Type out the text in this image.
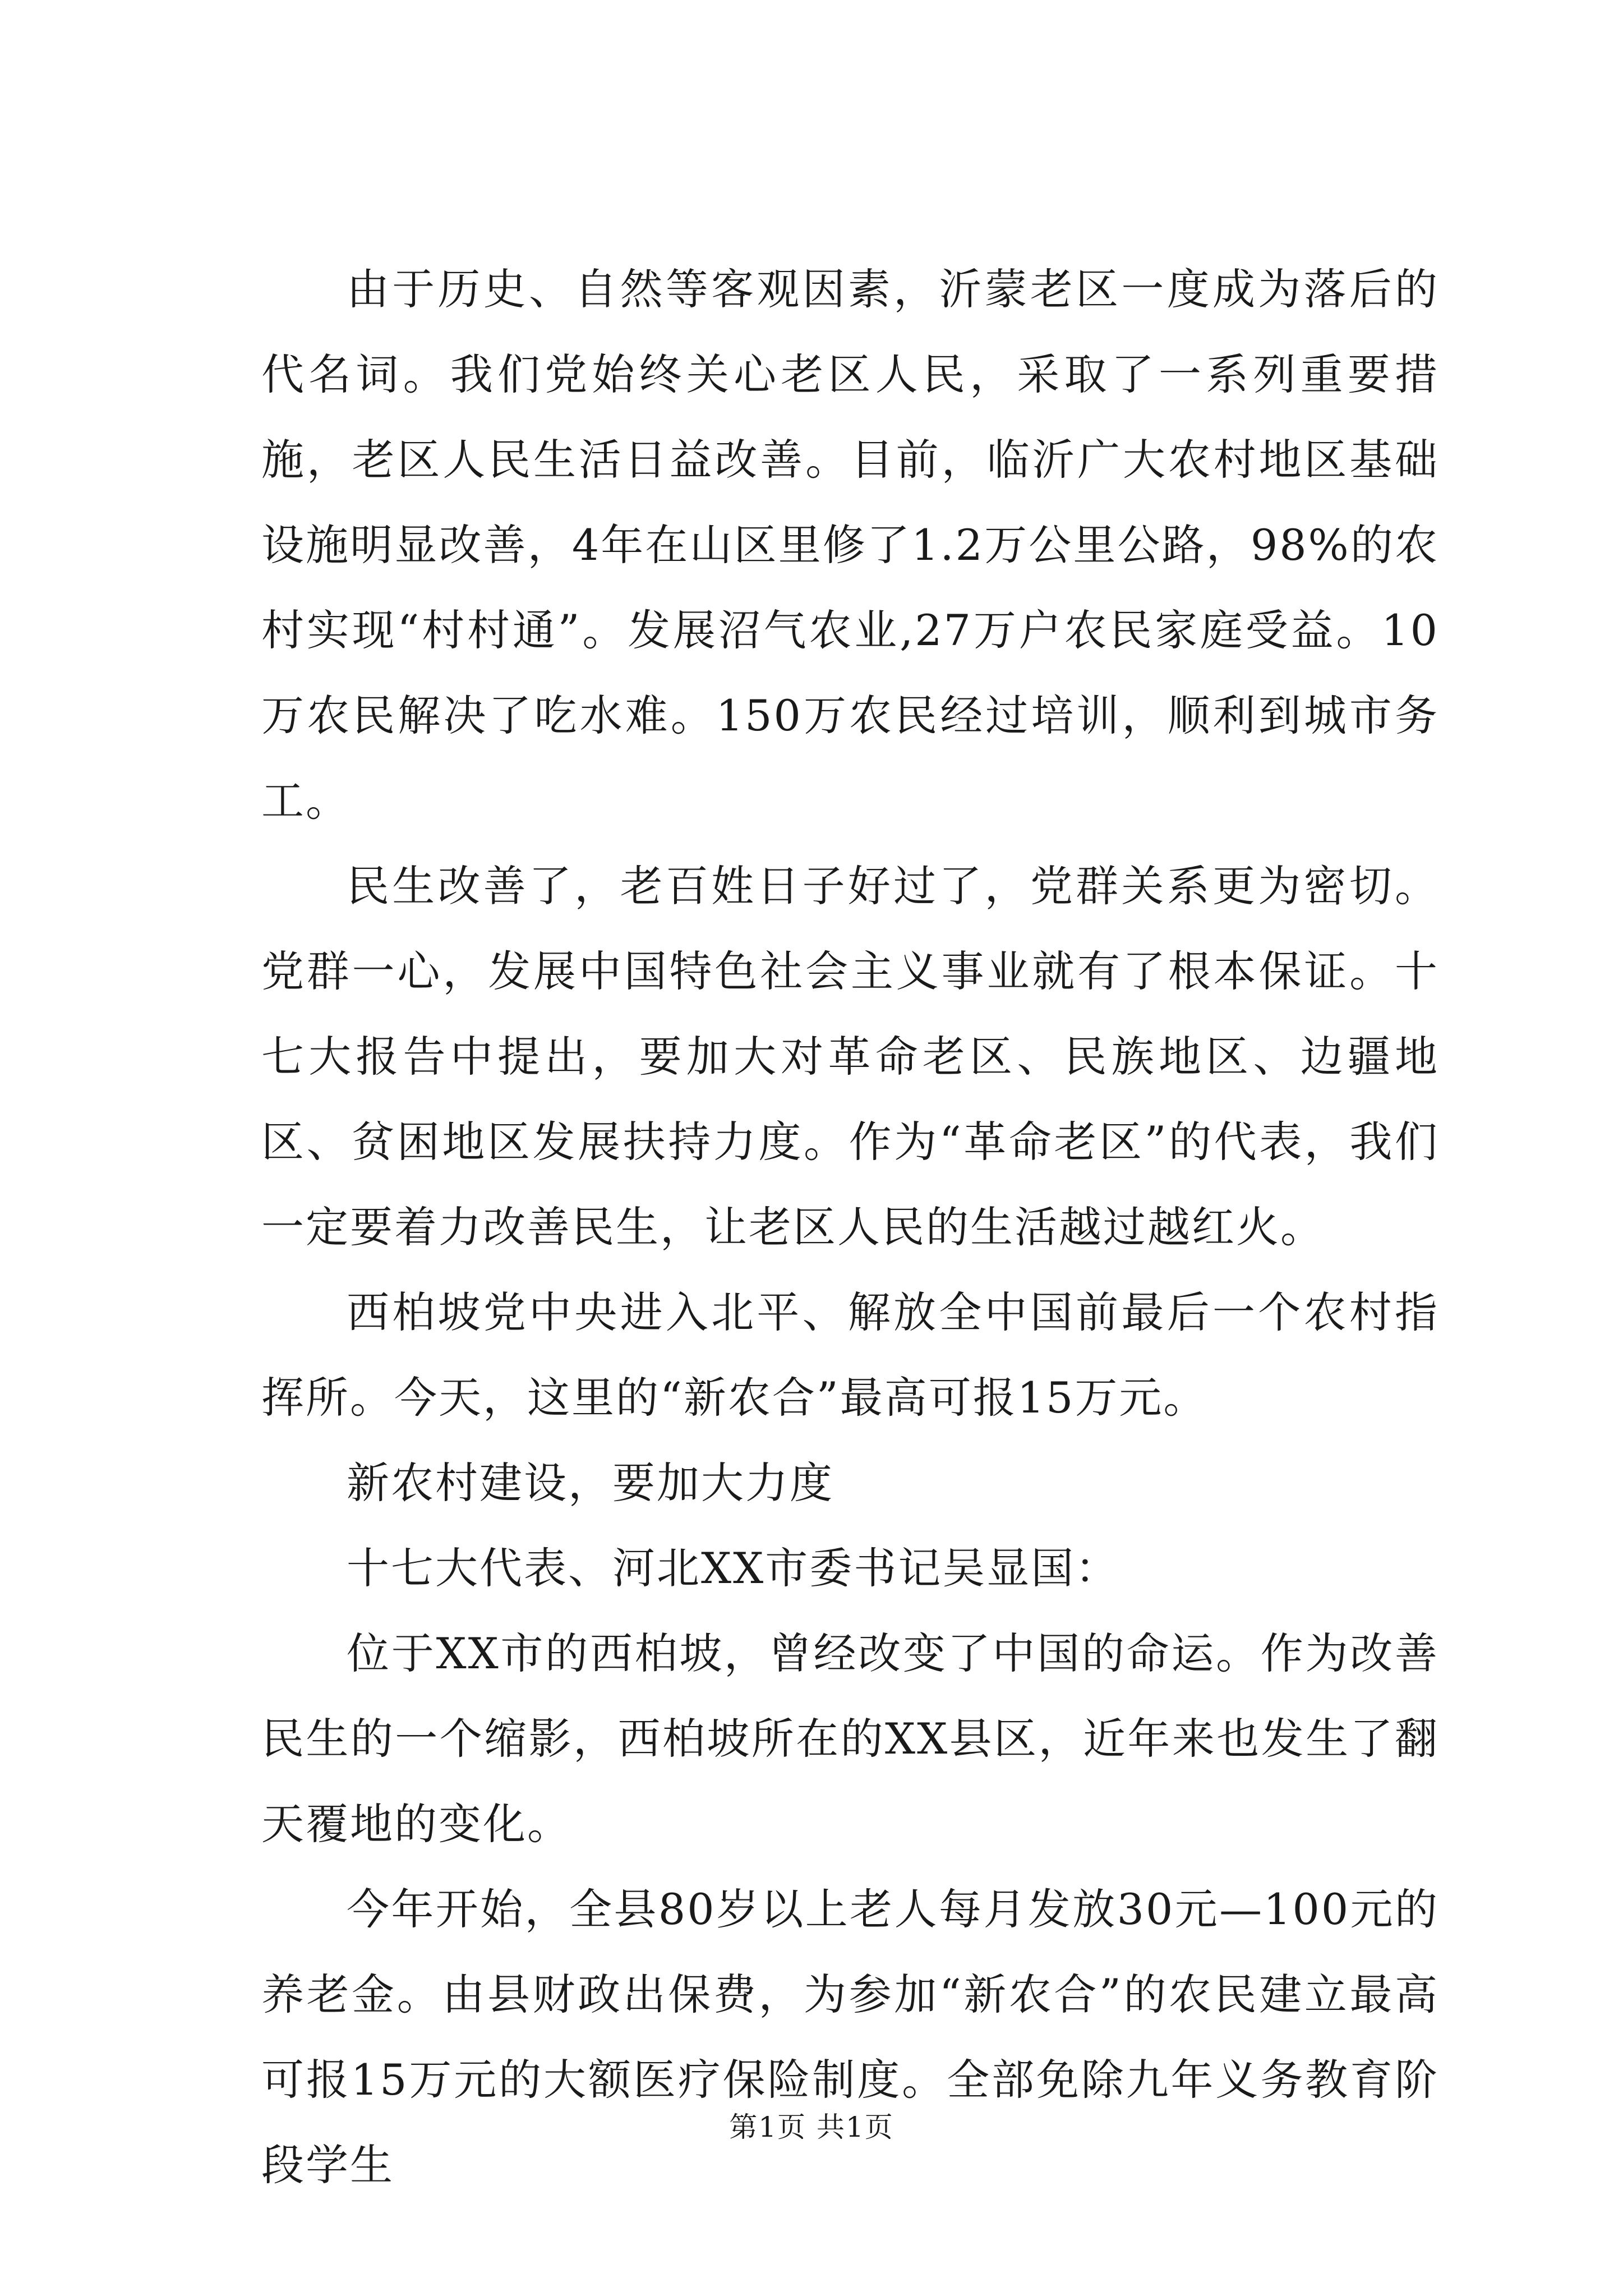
由于历史、自然等客观因素，沂蒙老区一度成为落后的代名词。我们党始终关心老区人民，采取了一系列重要措施，老区人民生活日益改善。目前，临沂广大农村地区基础设施明显改善，4年在山区里修了1.2万公里公路，98%的农村实现“村村通”。发展沼气农业,27万户农民家庭受益。10万农民解决了吃水难。150万农民经过培训，顺利到城市务工。

民生改善了，老百姓日子好过了，党群关系更为密切。党群一心，发展中国特色社会主义事业就有了根本保证。十七大报告中提出，要加大对革命老区、民族地区、边疆地区、贫困地区发展扶持力度。作为“革命老区”的代表，我们一定要着力改善民生，让老区人民的生活越过越红火。

西柏坡党中央进入北平、解放全中国前最后一个农村指挥所。今天，这里的“新农合”最高可报15万元。

新农村建设，要加大力度

十七大代表、河北XX市委书记吴显国：

位于XX市的西柏坡，曾经改变了中国的命运。作为改善民生的一个缩影，西柏坡所在的XX县区，近年来也发生了翻天覆地的变化。

今年开始，全县80岁以上老人每月发放30元—100元的养老金。由县财政出保费，为参加“新农合”的农民建立最高可报15万元的大额医疗保险制度。全部免除九年义务教育阶段学生

第1页 共1页
